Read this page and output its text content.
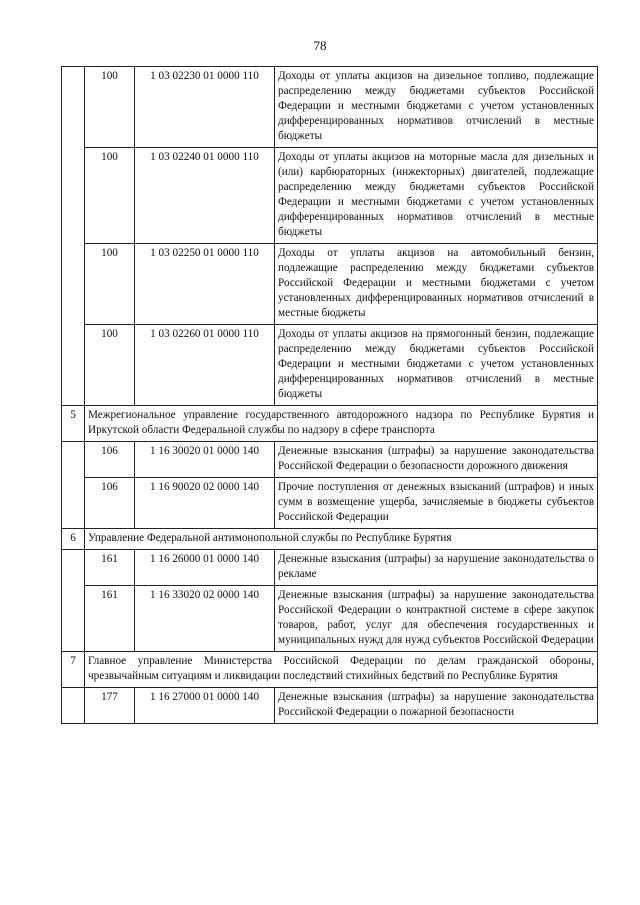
78
	100	1 03 02230 01 0000 110	Доходы от уплаты акцизов на дизельное топливо, подлежащие распределению между бюджетами субъектов Российской Федерации и местными бюджетами с учетом установленных дифференцированных нормативов отчислений в местные бюджеты
	100	1 03 02240 01 0000 110	Доходы от уплаты акцизов на моторные масла для дизельных и (или) карбюраторных (инжекторных) двигателей, подлежащие распределению между бюджетами субъектов Российской Федерации и местными бюджетами с учетом установленных дифференцированных нормативов отчислений в местные бюджеты
	100	1 03 02250 01 0000 110	Доходы от уплаты акцизов на автомобильный бензин, подлежащие распределению между бюджетами субъектов Российской Федерации и местными бюджетами с учетом установленных дифференцированных нормативов отчислений в местные бюджеты
	100	1 03 02260 01 0000 110	Доходы от уплаты акцизов на прямогонный бензин, подлежащие распределению между бюджетами субъектов Российской Федерации и местными бюджетами с учетом установленных дифференцированных нормативов отчислений в местные бюджеты
5	Межрегиональное управление государственного автодорожного надзора по Республике Бурятия и Иркутской области Федеральной службы по надзору в сфере транспорта		
	106	1 16 30020 01 0000 140	Денежные взыскания (штрафы) за нарушение законодательства Российской Федерации о безопасности дорожного движения
	106	1 16 90020 02 0000 140	Прочие поступления от денежных взысканий (штрафов) и иных сумм в возмещение ущерба, зачисляемые в бюджеты субъектов Российской Федерации
6	Управление Федеральной антимонопольной службы по Республике Бурятия		
	161	1 16 26000 01 0000 140	Денежные взыскания (штрафы) за нарушение законодательства о рекламе
	161	1 16 33020 02 0000 140	Денежные взыскания (штрафы) за нарушение законодательства Российской Федерации о контрактной системе в сфере закупок товаров, работ, услуг для обеспечения государственных и муниципальных нужд для нужд субъектов Российской Федерации
7	Главное управление Министерства Российской Федерации по делам гражданской обороны, чрезвычайным ситуациям и ликвидации последствий стихийных бедствий по Республике Бурятия		
	177	1 16 27000 01 0000 140	Денежные взыскания (штрафы) за нарушение законодательства Российской Федерации о пожарной безопасности
